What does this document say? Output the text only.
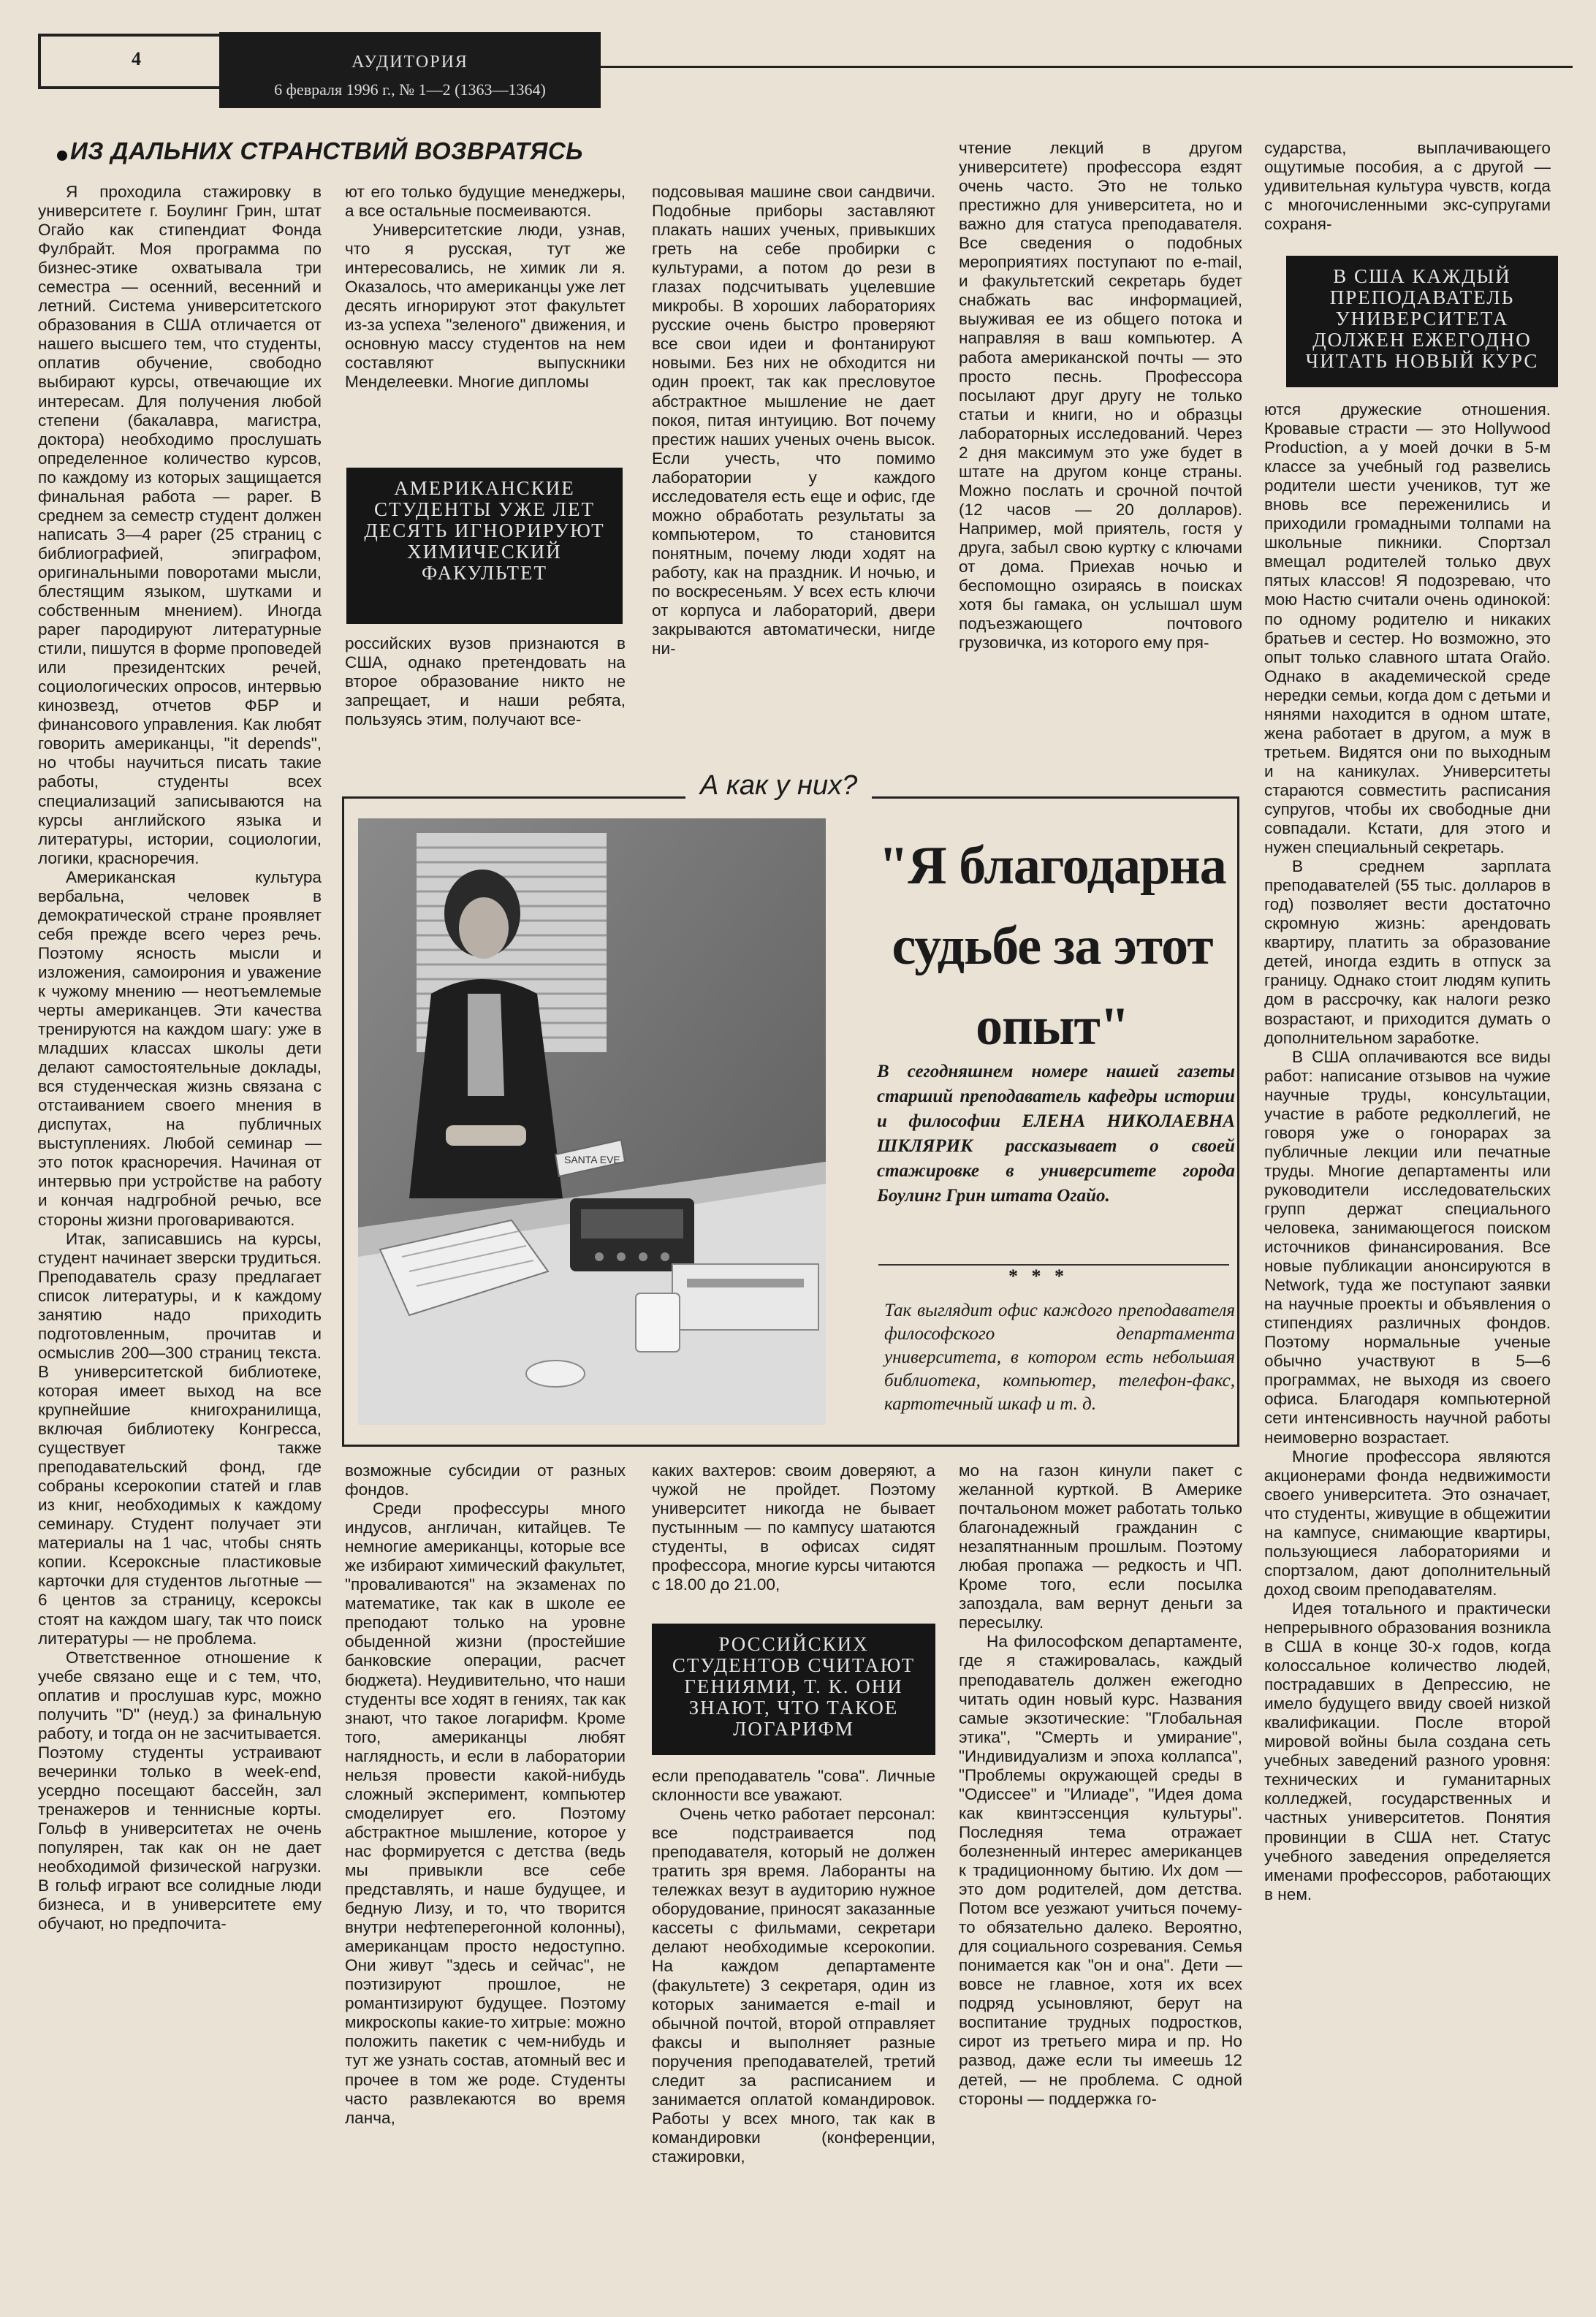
4	АУДИТОРИЯ
6 февраля 1996 г., № 1—2 (1363—1364)
ИЗ ДАЛЬНИХ СТРАНСТВИЙ ВОЗВРАТЯСЬ

Я проходила стажировку в университете г. Боулинг Грин, штат Огайо как стипендиат Фонда Фулбрайт. Моя программа по бизнес-этике охватывала три семестра — осенний, весенний и летний. Система университетского образования в США отличается от нашего высшего тем, что студенты, оплатив обучение, свободно выбирают курсы, отвечающие их интересам. Для получения любой степени (бакалавра, магистра, доктора) необходимо прослушать определенное количество курсов, по каждому из которых защищается финальная работа — paper. В среднем за семестр студент должен написать 3—4 paper (25 страниц с библиографией, эпиграфом, оригинальными поворотами мысли, блестящим языком, шутками и собственным мнением). Иногда paper пародируют литературные стили, пишутся в форме проповедей или президентских речей, социологических опросов, интервью кинозвезд, отчетов ФБР и финансового управления. Как любят говорить американцы, "it depends", но чтобы научиться писать такие работы, студенты всех специализаций записываются на курсы английского языка и литературы, истории, социологии, логики, красноречия.

Американская культура вербальна, человек в демократической стране проявляет себя прежде всего через речь. Поэтому ясность мысли и изложения, самоирония и уважение к чужому мнению — неотъемлемые черты американцев. Эти качества тренируются на каждом шагу: уже в младших классах школы дети делают самостоятельные доклады, вся студенческая жизнь связана с отстаиванием своего мнения в диспутах, на публичных выступлениях. Любой семинар — это поток красноречия. Начиная от интервью при устройстве на работу и кончая надгробной речью, все стороны жизни проговариваются.

Итак, записавшись на курсы, студент начинает зверски трудиться. Преподаватель сразу предлагает список литературы, и к каждому занятию надо приходить подготовленным, прочитав и осмыслив 200—300 страниц текста. В университетской библиотеке, которая имеет выход на все крупнейшие книгохранилища, включая библиотеку Конгресса, существует также преподавательский фонд, где собраны ксерокопии статей и глав из книг, необходимых к каждому семинару. Студент получает эти материалы на 1 час, чтобы снять копии. Ксероксные пластиковые карточки для студентов льготные — 6 центов за страницу, ксероксы стоят на каждом шагу, так что поиск литературы — не проблема.

Ответственное отношение к учебе связано еще и с тем, что, оплатив и прослушав курс, можно получить "D" (неуд.) за финальную работу, и тогда он не засчитывается. Поэтому студенты устраивают вечеринки только в week-end, усердно посещают бассейн, зал тренажеров и теннисные корты. Гольф в университетах не очень популярен, так как он не дает необходимой физической нагрузки. В гольф играют все солидные люди бизнеса, и в университете ему обучают, но предпочита-

ют его только будущие менеджеры, а все остальные посмеиваются.

Университетские люди, узнав, что я русская, тут же интересовались, не химик ли я. Оказалось, что американцы уже лет десять игнорируют этот факультет из-за успеха "зеленого" движения, и основную массу студентов на нем составляют выпускники Менделеевки. Многие дипломы

АМЕРИКАНСКИЕ СТУДЕНТЫ УЖЕ ЛЕТ ДЕСЯТЬ ИГНОРИРУЮТ ХИМИЧЕСКИЙ ФАКУЛЬТЕТ

российских вузов признаются в США, однако претендовать на второе образование никто не запрещает, и наши ребята, пользуясь этим, получают все-

возможные субсидии от разных фондов.

Среди профессуры много индусов, англичан, китайцев. Те немногие американцы, которые все же избирают химический факультет, "проваливаются" на экзаменах по математике, так как в школе ее преподают только на уровне обыденной жизни (простейшие банковские операции, расчет бюджета). Неудивительно, что наши студенты все ходят в гениях, так как знают, что такое логарифм. Кроме того, американцы любят наглядность, и если в лаборатории нельзя провести какой-нибудь сложный эксперимент, компьютер смоделирует его. Поэтому абстрактное мышление, которое у нас формируется с детства (ведь мы привыкли все себе представлять, и наше будущее, и бедную Лизу, и то, что творится внутри нефтеперегонной колонны), американцам просто недоступно. Они живут "здесь и сейчас", не поэтизируют прошлое, не романтизируют будущее. Поэтому микроскопы какие-то хитрые: можно положить пакетик с чем-нибудь и тут же узнать состав, атомный вес и прочее в том же роде. Студенты часто развлекаются во время ланча,

подсовывая машине свои сандвичи. Подобные приборы заставляют плакать наших ученых, привыкших греть на себе пробирки с культурами, а потом до рези в глазах подсчитывать уцелевшие микробы. В хороших лабораториях русские очень быстро проверяют все свои идеи и фонтанируют новыми. Без них не обходится ни один проект, так как пресловутое абстрактное мышление не дает покоя, питая интуицию. Вот почему престиж наших ученых очень высок. Если учесть, что помимо лаборатории у каждого исследователя есть еще и офис, где можно обработать результаты за компьютером, то становится понятным, почему люди ходят на работу, как на праздник. И ночью, и по воскресеньям. У всех есть ключи от корпуса и лабораторий, двери закрываются автоматически, нигде ни-

каких вахтеров: своим доверяют, а чужой не пройдет. Поэтому университет никогда не бывает пустынным — по кампусу шатаются студенты, в офисах сидят профессора, многие курсы читаются с 18.00 до 21.00,

РОССИЙСКИХ СТУДЕНТОВ СЧИТАЮТ ГЕНИЯМИ, Т. К. ОНИ ЗНАЮТ, ЧТО ТАКОЕ ЛОГАРИФМ

если преподаватель "сова". Личные склонности все уважают.

Очень четко работает персонал: все подстраивается под преподавателя, который не должен тратить зря время. Лаборанты на тележках везут в аудиторию нужное оборудование, приносят заказанные кассеты с фильмами, секретари делают необходимые ксерокопии. На каждом департаменте (факультете) 3 секретаря, один из которых занимается e-mail и обычной почтой, второй отправляет факсы и выполняет разные поручения преподавателей, третий следит за расписанием и занимается оплатой командировок. Работы у всех много, так как в командировки (конференции, стажировки,

чтение лекций в другом университете) профессора ездят очень часто. Это не только престижно для университета, но и важно для статуса преподавателя. Все сведения о подобных мероприятиях поступают по e-mail, и факультетский секретарь будет снабжать вас информацией, выуживая ее из общего потока и направляя в ваш компьютер. А работа американской почты — это просто песнь. Профессора посылают друг другу не только статьи и книги, но и образцы лабораторных исследований. Через 2 дня максимум это уже будет в штате на другом конце страны. Можно послать и срочной почтой (12 часов — 20 долларов). Например, мой приятель, гостя у друга, забыл свою куртку с ключами от дома. Приехав ночью и беспомощно озираясь в поисках хотя бы гамака, он услышал шум подъезжающего почтового грузовичка, из которого ему пря-

мо на газон кинули пакет с желанной курткой. В Америке почтальоном может работать только благонадежный гражданин с незапятнанным прошлым. Поэтому любая пропажа — редкость и ЧП. Кроме того, если посылка запоздала, вам вернут деньги за пересылку.

На философском департаменте, где я стажировалась, каждый преподаватель должен ежегодно читать один новый курс. Названия самые экзотические: "Глобальная этика", "Смерть и умирание", "Индивидуализм и эпоха коллапса", "Проблемы окружающей среды в "Одиссее" и "Илиаде", "Идея дома как квинтэссенция культуры". Последняя тема отражает болезненный интерес американцев к традиционному бытию. Их дом — это дом родителей, дом детства. Потом все уезжают учиться почему-то обязательно далеко. Вероятно, для социального созревания. Семья понимается как "он и она". Дети — вовсе не главное, хотя их всех подряд усыновляют, берут на воспитание трудных подростков, сирот из третьего мира и пр. Но развод, даже если ты имеешь 12 детей, — не проблема. С одной стороны — поддержка го-

сударства, выплачивающего ощутимые пособия, а с другой — удивительная культура чувств, когда с многочисленными экс-супругами сохраня-

В США КАЖДЫЙ ПРЕПОДАВАТЕЛЬ УНИВЕРСИТЕТА ДОЛЖЕН ЕЖЕГОДНО ЧИТАТЬ НОВЫЙ КУРС

ются дружеские отношения. Кровавые страсти — это Hollywood Production, а у моей дочки в 5-м классе за учебный год развелись родители шести учеников, тут же вновь все переженились и приходили громадными толпами на школьные пикники. Спортзал вмещал родителей только двух пятых классов! Я подозреваю, что мою Настю считали очень одинокой: по одному родителю и никаких братьев и сестер. Но возможно, это опыт только славного штата Огайо. Однако в академической среде нередки семьи, когда дом с детьми и нянями находится в одном штате, жена работает в другом, а муж в третьем. Видятся они по выходным и на каникулах. Университеты стараются совместить расписания супругов, чтобы их свободные дни совпадали. Кстати, для этого и нужен специальный секретарь.

В среднем зарплата преподавателей (55 тыс. долларов в год) позволяет вести достаточно скромную жизнь: арендовать квартиру, платить за образование детей, иногда ездить в отпуск за границу. Однако стоит людям купить дом в рассрочку, как налоги резко возрастают, и приходится думать о дополнительном заработке.

В США оплачиваются все виды работ: написание отзывов на чужие научные труды, консультации, участие в работе редколлегий, не говоря уже о гонорарах за публичные лекции или печатные труды. Многие департаменты или руководители исследовательских групп держат специального человека, занимающегося поиском источников финансирования. Все новые публикации анонсируются в Network, туда же поступают заявки на научные проекты и объявления о стипендиях различных фондов. Поэтому нормальные ученые обычно участвуют в 5—6 программах, не выходя из своего офиса. Благодаря компьютерной сети интенсивность научной работы неимоверно возрастает.

Многие профессора являются акционерами фонда недвижимости своего университета. Это означает, что студенты, живущие в общежитии на кампусе, снимающие квартиры, пользующиеся лабораториями и спортзалом, дают дополнительный доход своим преподавателям.

Идея тотального и практически непрерывного образования возникла в США в конце 30-х годов, когда колоссальное количество людей, пострадавших в Депрессию, не имело будущего ввиду своей низкой квалификации. После второй мировой войны была создана сеть учебных заведений разного уровня: технических и гуманитарных колледжей, государственных и частных университетов. Понятия провинции в США нет. Статус учебного заведения определяется именами профессоров, работающих в нем.

А как у них?
SANTA EVE
"Я благодарна судьбе за этот опыт"
В сегодняшнем номере нашей газеты старший преподаватель кафедры истории и философии ЕЛЕНА НИКОЛАЕВНА ШКЛЯРИК рассказывает о своей стажировке в университете города Боулинг Грин штата Огайо.
* * *
Так выглядит офис каждого преподавателя философского департамента университета, в котором есть небольшая библиотека, компьютер, телефон-факс, картотечный шкаф и т. д.
